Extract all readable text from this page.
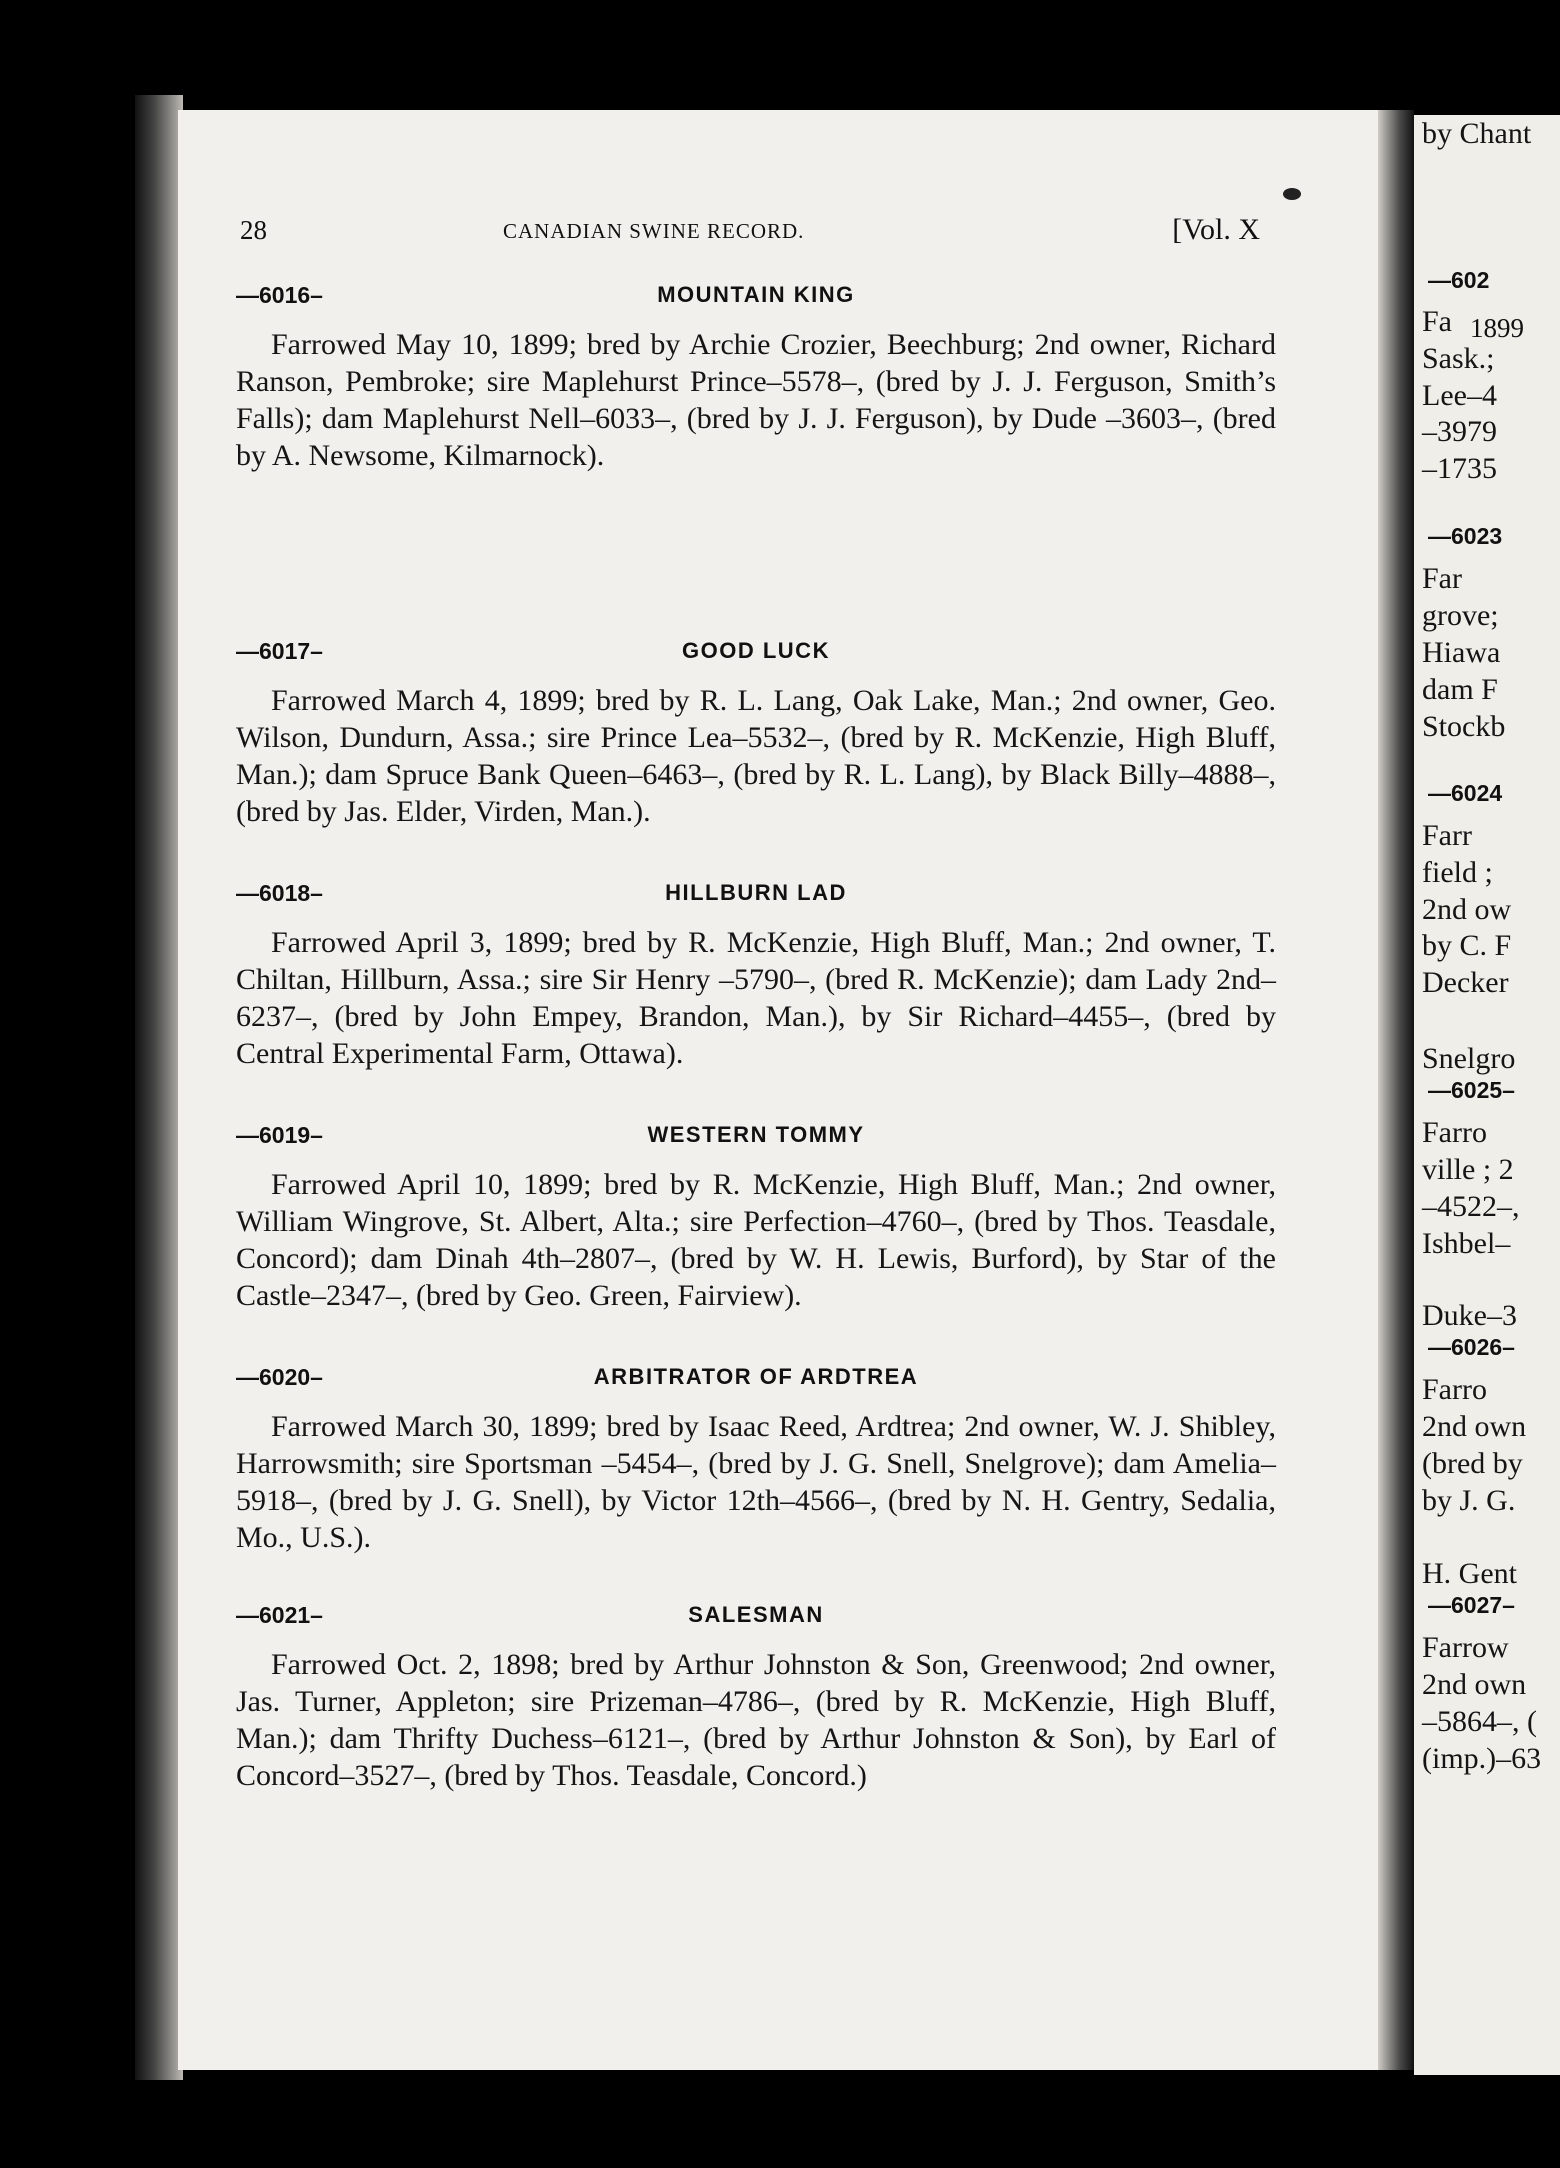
28	CANADIAN SWINE RECORD.	[Vol. X
—6016–	MOUNTAIN KING

Farrowed May 10, 1899; bred by Archie Crozier, Beechburg; 2nd owner, Richard Ranson, Pembroke; sire Maplehurst Prince–5578–, (bred by J. J. Ferguson, Smith’s Falls); dam Maplehurst Nell–6033–, (bred by J. J. Ferguson), by Dude –3603–, (bred by A. Newsome, Kilmarnock).

—6017–	GOOD LUCK

Farrowed March 4, 1899; bred by R. L. Lang, Oak Lake, Man.; 2nd owner, Geo. Wilson, Dundurn, Assa.; sire Prince Lea–5532–, (bred by R. McKenzie, High Bluff, Man.); dam Spruce Bank Queen–6463–, (bred by R. L. Lang), by Black Billy–4888–, (bred by Jas. Elder, Virden, Man.).

—6018–	HILLBURN LAD

Farrowed April 3, 1899; bred by R. McKenzie, High Bluff, Man.; 2nd owner, T. Chiltan, Hillburn, Assa.; sire Sir Henry –5790–, (bred R. McKenzie); dam Lady 2nd–6237–, (bred by John Empey, Brandon, Man.), by Sir Richard–4455–, (bred by Central Experimental Farm, Ottawa).

—6019–	WESTERN TOMMY

Farrowed April 10, 1899; bred by R. McKenzie, High Bluff, Man.; 2nd owner, William Wingrove, St. Albert, Alta.; sire Perfection–4760–, (bred by Thos. Teasdale, Concord); dam Dinah 4th–2807–, (bred by W. H. Lewis, Burford), by Star of the Castle–2347–, (bred by Geo. Green, Fairview).

—6020–	ARBITRATOR OF ARDTREA

Farrowed March 30, 1899; bred by Isaac Reed, Ardtrea; 2nd owner, W. J. Shibley, Harrowsmith; sire Sportsman –5454–, (bred by J. G. Snell, Snelgrove); dam Amelia–5918–, (bred by J. G. Snell), by Victor 12th–4566–, (bred by N. H. Gentry, Sedalia, Mo., U.S.).

—6021–	SALESMAN

Farrowed Oct. 2, 1898; bred by Arthur Johnston & Son, Greenwood; 2nd owner, Jas. Turner, Appleton; sire Prizeman–4786–, (bred by R. McKenzie, High Bluff, Man.); dam Thrifty Duchess–6121–, (bred by Arthur Johnston & Son), by Earl of Concord–3527–, (bred by Thos. Teasdale, Concord.)

1899
—602
Fa
Sask.;
Lee–4
–3979
–1735
—6023
Far
grove;
Hiawa
dam F
Stockb
—6024
Farr
field ;
2nd ow
by C. F
Decker
Snelgro
—6025–
Farro
ville ; 2
–4522–,
Ishbel–
Duke–3
—6026–
Farro
2nd own
(bred by
by J. G.
H. Gent
—6027–
Farrow
2nd own
–5864–, (
(imp.)–63
by Chant
